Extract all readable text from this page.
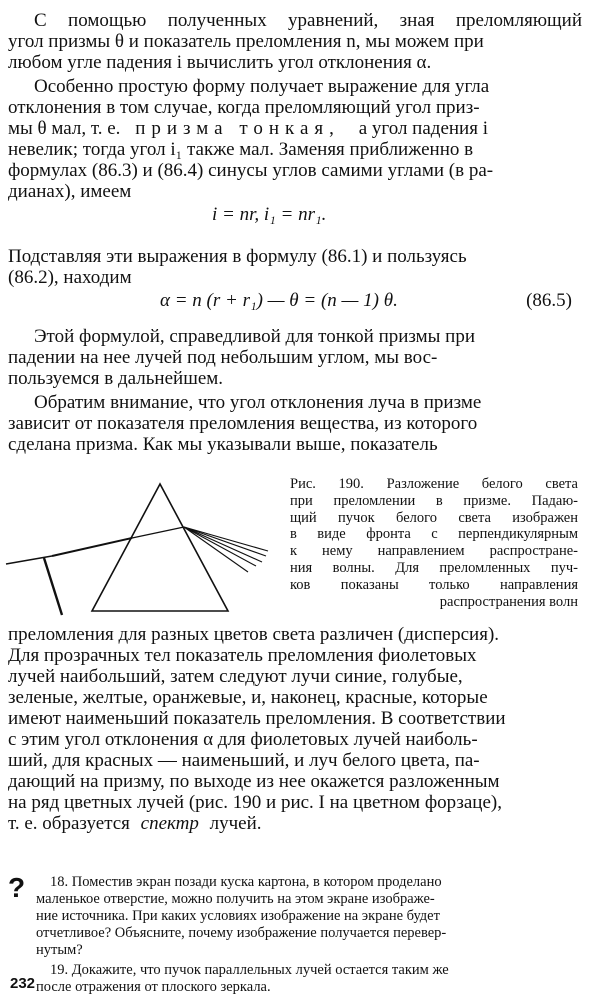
С помощью полученных уравнений, зная преломляющий
угол призмы θ и показатель преломления n, мы можем при
любом угле падения i вычислить угол отклонения α.

Особенно простую форму получает выражение для угла
отклонения в том случае, когда преломляющий угол приз-
мы θ мал, т. е. призма тонкая, а угол падения i
невелик; тогда угол i₁ также мал. Заменяя приближенно в
формулах (86.3) и (86.4) синусы углов самими углами (в ра-
дианах), имеем

i = nr, i₁ = nr₁.

Подставляя эти выражения в формулу (86.1) и пользуясь
(86.2), находим

α = n (r + r₁) — θ = (n — 1) θ.	(86.5)

Этой формулой, справедливой для тонкой призмы при
падении на нее лучей под небольшим углом, мы вос-
пользуемся в дальнейшем.

Обратим внимание, что угол отклонения луча в призме
зависит от показателя преломления вещества, из которого
сделана призма. Как мы указывали выше, показатель

Рис. 190. Разложение белого света
при преломлении в призме. Падаю-
щий пучок белого света изображен
в виде фронта с перпендикулярным
к нему направлением распростране-
ния волны. Для преломленных пуч-
ков показаны только направления
распространения волн

преломления для разных цветов света различен (дисперсия).
Для прозрачных тел показатель преломления фиолетовых
лучей наибольший, затем следуют лучи синие, голубые,
зеленые, желтые, оранжевые, и, наконец, красные, которые
имеют наименьший показатель преломления. В соответствии
с этим угол отклонения α для фиолетовых лучей наиболь-
ший, для красных — наименьший, и луч белого цвета, па-
дающий на призму, по выходе из нее окажется разложенным
на ряд цветных лучей (рис. 190 и рис. I на цветном форзаце),
т. е. образуется спектр лучей.

?	18. Поместив экран позади куска картона, в котором проделано
маленькое отверстие, можно получить на этом экране изображе-
ние источника. При каких условиях изображение на экране будет
отчетливое? Объясните, почему изображение получается перевер-
нутым?
19. Докажите, что пучок параллельных лучей остается таким же
после отражения от плоского зеркала.
232
